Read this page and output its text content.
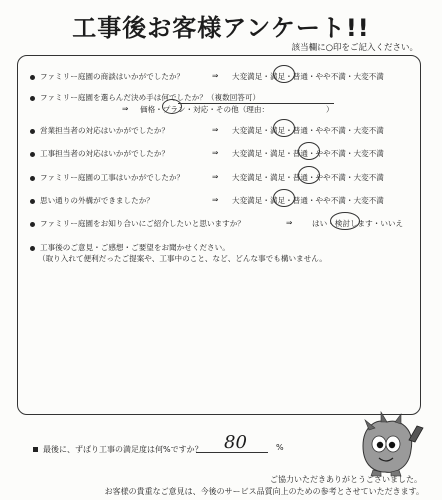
工事後お客様アンケート!!
該当欄に○印をご記入ください。
ファミリー庭園の商談はいかがでしたか？	⇒ 大変満足・満足・普通・やや不満・大変不満
ファミリー庭園を選らんだ決め手は何でしたか？（複数回答可）
⇒ 価格・プラン・対応・その他（理由：　　　　　　　　）
営業担当者の対応はいかがでしたか？	⇒ 大変満足・満足・普通・やや不満・大変不満
工事担当者の対応はいかがでしたか？	⇒ 大変満足・満足・普通・やや不満・大変不満
ファミリー庭園の工事はいかがでしたか？	⇒ 大変満足・満足・普通・やや不満・大変不満
思い通りの外構ができましたか？	⇒ 大変満足・満足・普通・やや不満・大変不満
ファミリー庭園をお知り合いにご紹介したいと思いますか？	⇒	はい・検討します・いいえ
工事後のご意見・ご感想・ご要望をお聞かせください。
（取り入れて便利だったご提案や、工事中のこと、など、どんな事でも構いません。
最後に、ずばり工事の満足度は何%ですか？ 80	%
ご協力いただきありがとうございました。
お客様の貴重なご意見は、今後のサービス品質向上のための参考とさせていただきます。
